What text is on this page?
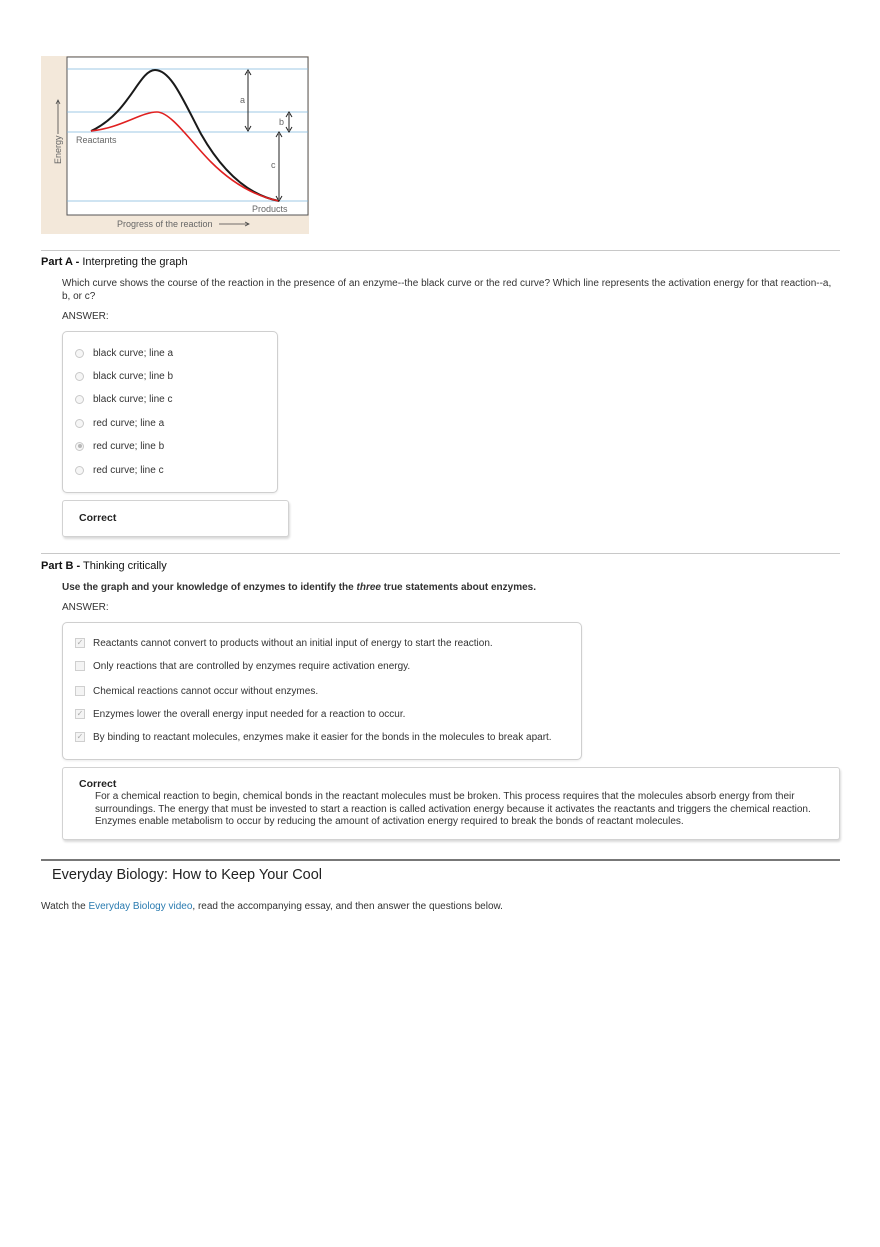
a
b
c
Reactants
Products
Progress of the reaction
Energy
Part A - Interpreting the graph
Which curve shows the course of the reaction in the presence of an enzyme--the black curve or the red curve? Which line represents the activation energy for that reaction--a, b, or c?
ANSWER:
black curve; line a
black curve; line b
black curve; line c
red curve; line a
red curve; line b
red curve; line c
Correct
Part B - Thinking critically
Use the graph and your knowledge of enzymes to identify the three true statements about enzymes.
ANSWER:
✓ Reactants cannot convert to products without an initial input of energy to start the reaction.
Only reactions that are controlled by enzymes require activation energy.
Chemical reactions cannot occur without enzymes.
✓ Enzymes lower the overall energy input needed for a reaction to occur.
✓ By binding to reactant molecules, enzymes make it easier for the bonds in the molecules to break apart.
Correct
For a chemical reaction to begin, chemical bonds in the reactant molecules must be broken. This process requires that the molecules absorb energy from their surroundings. The energy that must be invested to start a reaction is called activation energy because it activates the reactants and triggers the chemical reaction. Enzymes enable metabolism to occur by reducing the amount of activation energy required to break the bonds of reactant molecules.
Everyday Biology: How to Keep Your Cool
Watch the Everyday Biology video, read the accompanying essay, and then answer the questions below.
